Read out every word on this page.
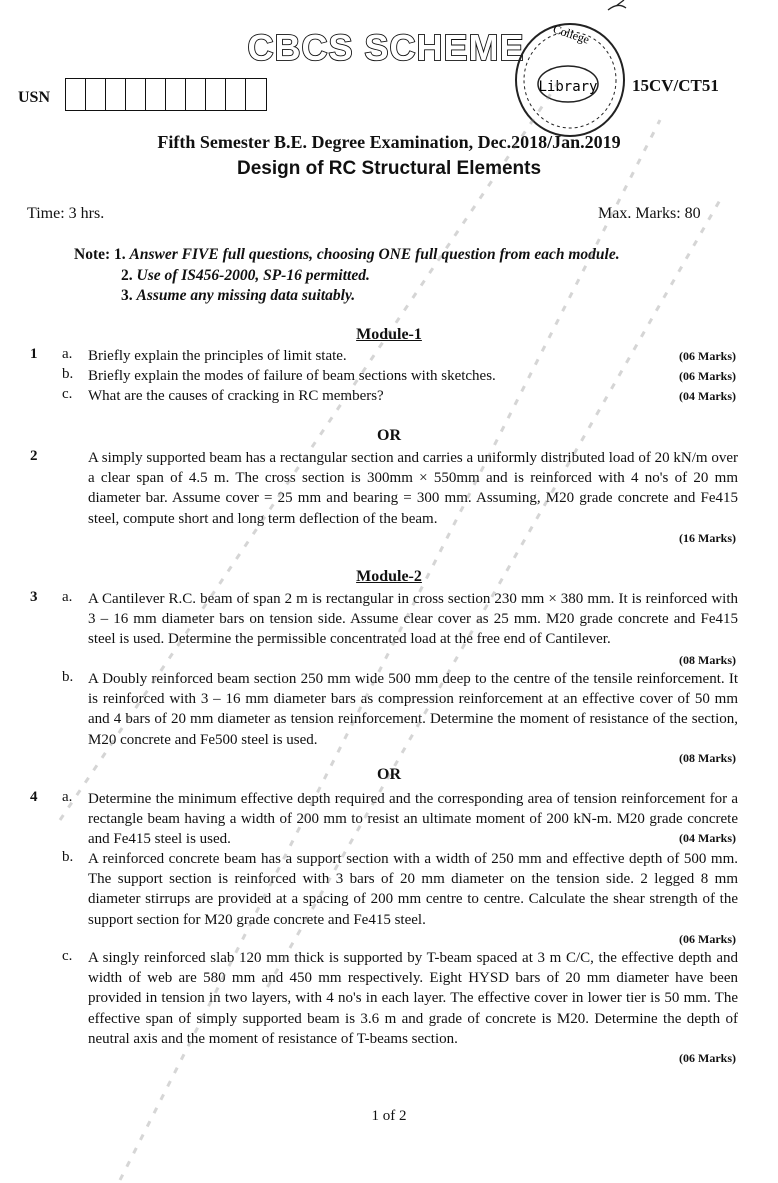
CBCS SCHEME
USN
College
Library 15CV/CT51
Fifth Semester B.E. Degree Examination, Dec.2018/Jan.2019
Design of RC Structural Elements
Time: 3 hrs.	Max. Marks: 80
Note: 1. Answer FIVE full questions, choosing ONE full question from each module.
2. Use of IS456-2000, SP-16 permitted.
3. Assume any missing data suitably.
Module-1
1 a. Briefly explain the principles of limit state.	(06 Marks)
b. Briefly explain the modes of failure of beam sections with sketches.	(06 Marks)
c. What are the causes of cracking in RC members?	(04 Marks)
OR
2	A simply supported beam has a rectangular section and carries a uniformly distributed load of 20 kN/m over a clear span of 4.5 m. The cross section is 300mm × 550mm and is reinforced with 4 no's of 20 mm diameter bar. Assume cover = 25 mm and bearing = 300 mm. Assuming, M20 grade concrete and Fe415 steel, compute short and long term deflection of the beam.
(16 Marks)
Module-2
3 a. A Cantilever R.C. beam of span 2 m is rectangular in cross section 230 mm × 380 mm. It is reinforced with 3 – 16 mm diameter bars on tension side. Assume clear cover as 25 mm. M20 grade concrete and Fe415 steel is used. Determine the permissible concentrated load at the free end of Cantilever.
(08 Marks)
b. A Doubly reinforced beam section 250 mm wide 500 mm deep to the centre of the tensile reinforcement. It is reinforced with 3 – 16 mm diameter bars as compression reinforcement at an effective cover of 50 mm and 4 bars of 20 mm diameter as tension reinforcement. Determine the moment of resistance of the section, M20 concrete and Fe500 steel is used.
(08 Marks)
OR
4 a. Determine the minimum effective depth required and the corresponding area of tension reinforcement for a rectangle beam having a width of 200 mm to resist an ultimate moment of 200 kN-m. M20 grade concrete and Fe415 steel is used.	(04 Marks)
b. A reinforced concrete beam has a support section with a width of 250 mm and effective depth of 500 mm. The support section is reinforced with 3 bars of 20 mm diameter on the tension side. 2 legged 8 mm diameter stirrups are provided at a spacing of 200 mm centre to centre. Calculate the shear strength of the support section for M20 grade concrete and Fe415 steel.
(06 Marks)
c. A singly reinforced slab 120 mm thick is supported by T-beam spaced at 3 m C/C, the effective depth and width of web are 580 mm and 450 mm respectively. Eight HYSD bars of 20 mm diameter have been provided in tension in two layers, with 4 no's in each layer. The effective cover in lower tier is 50 mm. The effective span of simply supported beam is 3.6 m and grade of concrete is M20. Determine the depth of neutral axis and the moment of resistance of T-beams section.
(06 Marks)
1 of 2
